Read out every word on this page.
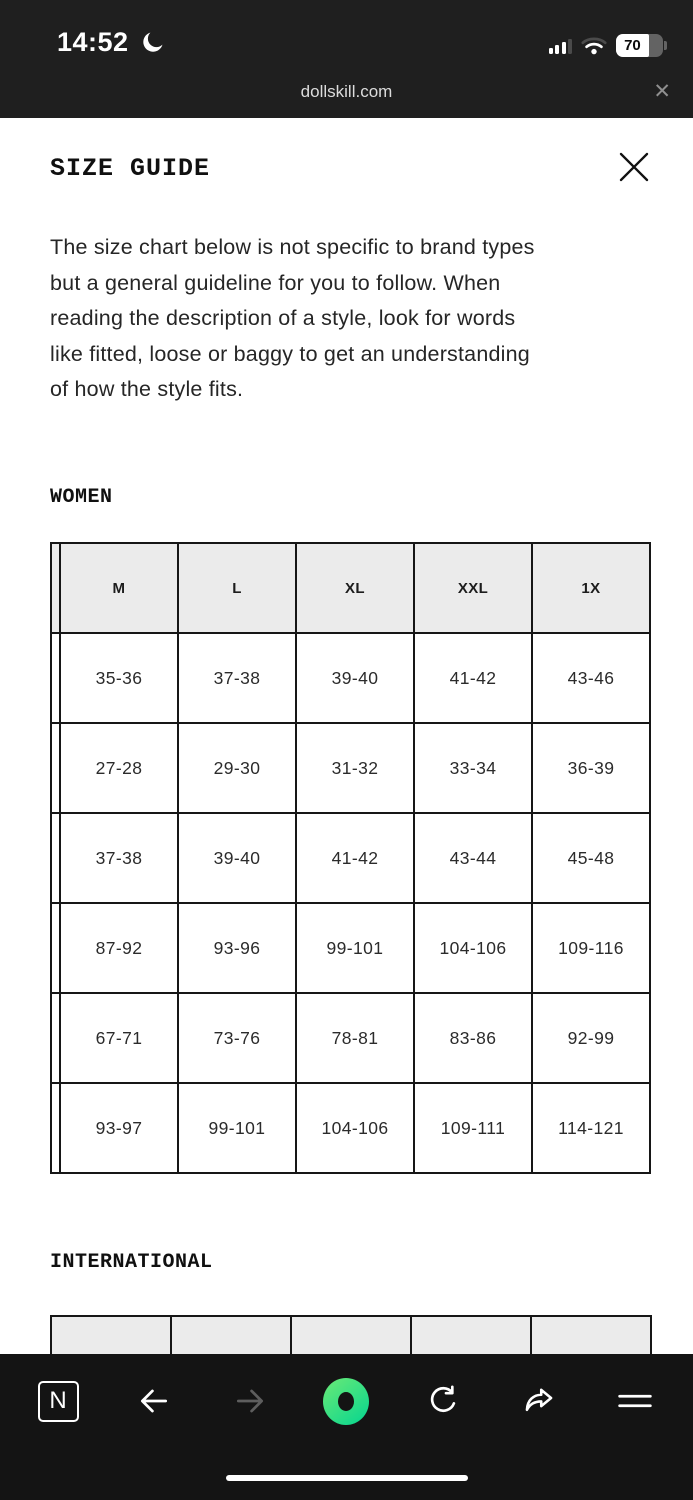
14:52	70
dollskill.com	✕
SIZE GUIDE
The size chart below is not specific to brand types
but a general guideline for you to follow. When
reading the description of a style, look for words
like fitted, loose or baggy to get an understanding
of how the style fits.
WOMEN
	M	L	XL	XXL	1X
	35-36	37-38	39-40	41-42	43-46
	27-28	29-30	31-32	33-34	36-39
	37-38	39-40	41-42	43-44	45-48
	87-92	93-96	99-101	104-106	109-116
	67-71	73-76	78-81	83-86	92-99
	93-97	99-101	104-106	109-111	114-121
INTERNATIONAL

N
